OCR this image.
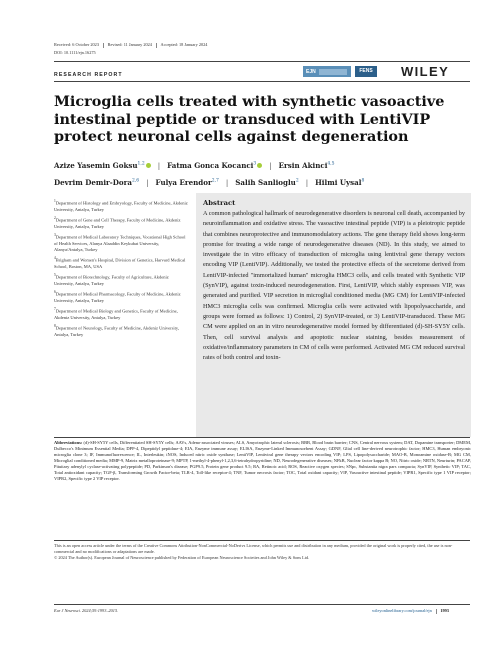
Received: 6 October 2023 Revised: 11 January 2024 Accepted: 18 January 2024
DOI: 10.1111/ejn.16275
RESEARCH REPORT
EJN	FENS	WILEY
Microglia cells treated with synthetic vasoactive intestinal peptide or transduced with LentiVIP protect neuronal cells against degeneration
Azize Yasemin Goksu$^{1,2}$ | Fatma Gonca Kocanci$^3$ | Ersin Akinci$^{4,5}$
Devrim Demir-Dora$^{2,6}$ | Fulya Erendor$^{2,7}$ | Salih Sanlioglu$^2$ | Hilmi Uysal$^8$
$^1$Department of Histology and Embryology, Faculty of Medicine, Akdeniz University, Antalya, Turkey
$^2$Department of Gene and Cell Therapy, Faculty of Medicine, Akdeniz University, Antalya, Turkey
$^3$Department of Medical Laboratory Techniques, Vocational High School of Health Services, Alanya Alaaddin Keykubat University, Alanya/Antalya, Turkey
$^4$Brigham and Women's Hospital, Division of Genetics, Harvard Medical School, Boston, MA, USA
$^5$Department of Biotechnology, Faculty of Agriculture, Akdeniz University, Antalya, Turkey
$^6$Department of Medical Pharmacology, Faculty of Medicine, Akdeniz University, Antalya, Turkey
$^7$Department of Medical Biology and Genetics, Faculty of Medicine, Akdeniz University, Antalya, Turkey
$^8$Department of Neurology, Faculty of Medicine, Akdeniz University, Antalya, Turkey
Abstract
A common pathological hallmark of neurodegenerative disorders is neuronal cell death, accompanied by neuroinflammation and oxidative stress. The vasoactive intestinal peptide (VIP) is a pleiotropic peptide that combines neuroprotective and immunomodulatory actions. The gene therapy field shows long-term promise for treating a wide range of neurodegenerative diseases (ND). In this study, we aimed to investigate the in vitro efficacy of transduction of microglia using lentiviral gene therapy vectors encoding VIP (LentiVIP). Additionally, we tested the protective effects of the secretome derived from LentiVIP-infected "immortalized human" microglia HMC3 cells, and cells treated with Synthetic VIP (SynVIP), against toxin-induced neurodegeneration. First, LentiVIP, which stably expresses VIP, was generated and purified. VIP secretion in microglial conditioned media (MG CM) for LentiVIP-infected HMC3 microglia cells was confirmed. Microglia cells were activated with lipopolysaccharide, and groups were formed as follows: 1) Control, 2) SynVIP-treated, or 3) LentiVIP-transduced. These MG CM were applied on an in vitro neurodegenerative model formed by differentiated (d)-SH-SY5Y cells. Then, cell survival analysis and apoptotic nuclear staining, besides measurement of oxidative/inflammatory parameters in CM of cells were performed. Activated MG CM reduced survival rates of both control and toxin-
Abbreviations: (d)-SH-SY5Y cells, Differentiated SH-SY5Y cells; AAVs, Adeno-associated viruses; ALS, Amyotrophic lateral sclerosis; BBB, Blood brain barrier; CNS, Central nervous system; DAT, Dopamine transporter; DMEM, Dulbecco's Minimum Essential Media; DPP-4, Dipeptidyl peptidase-4; EIA, Enzyme immune assay; ELISA, Enzyme-Linked Immunosorbent Assay; GDNF, Glial cell line-derived neurotrophic factor; HMC3, Human embryonic microglia clone 3; IF, Immunofluorescence; IL, Interleukin; iNOS, Induced nitric oxide synthase; LentiVIP, Lentiviral gene therapy vectors encoding VIP; LPS, Lipopolysaccharide; MAO-B, Monoamine oxidase-B; MG CM, Microglial conditioned media; MMP-9, Matrix metalloproteinase-9; MPTP, 1-methyl-4-phenyl-1,2,3,6-tetrahydropyridine; ND, Neurodegenerative diseases; NFkB, Nuclear factor kappa B; NO, Nitric oxide; NRTN, Neurturin; PACAP, Pituitary adenylyl cyclase-activating polypeptide; PD, Parkinson's disease; PGP9.5, Protein gene product 9.5; RA, Retinoic acid; ROS, Reactive oxygen species; SNpc, Substantia nigra pars compacta; SynVIP, Synthetic VIP; TAC, Total antioxidant capacity; TGF-β, Transforming Growth Factor-beta; TLR-4, Toll-like receptor-4; TNF, Tumor necrosis factor; TOC, Total oxidant capacity; VIP, Vasoactive intestinal peptide; VIPR1, Specific type 1 VIP receptor; VIPR2, Specific type 2 VIP receptor.
This is an open access article under the terms of the Creative Commons Attribution-NonCommercial-NoDerivs License, which permits use and distribution in any medium, provided the original work is properly cited, the use is non-commercial and no modifications or adaptations are made.
© 2024 The Author(s). European Journal of Neuroscience published by Federation of European Neuroscience Societies and John Wiley & Sons Ltd.
Eur J Neurosci. 2024;59:1993–2015.	wileyonlinelibrary.com/journal/ejn 1993
